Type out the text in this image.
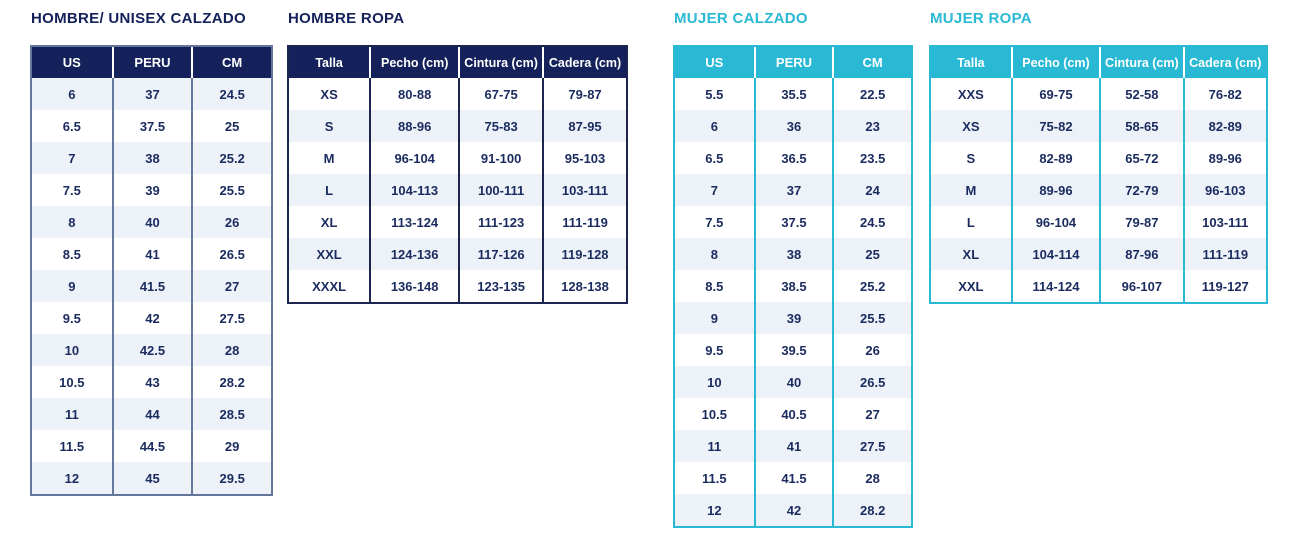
HOMBRE/ UNISEX CALZADO
US	PERU	CM
6	37	24.5
6.5	37.5	25
7	38	25.2
7.5	39	25.5
8	40	26
8.5	41	26.5
9	41.5	27
9.5	42	27.5
10	42.5	28
10.5	43	28.2
11	44	28.5
11.5	44.5	29
12	45	29.5
HOMBRE ROPA
Talla	Pecho (cm)	Cintura (cm)	Cadera (cm)
XS	80-88	67-75	79-87
S	88-96	75-83	87-95
M	96-104	91-100	95-103
L	104-113	100-111	103-111
XL	113-124	111-123	111-119
XXL	124-136	117-126	119-128
XXXL	136-148	123-135	128-138
MUJER CALZADO
US	PERU	CM
5.5	35.5	22.5
6	36	23
6.5	36.5	23.5
7	37	24
7.5	37.5	24.5
8	38	25
8.5	38.5	25.2
9	39	25.5
9.5	39.5	26
10	40	26.5
10.5	40.5	27
11	41	27.5
11.5	41.5	28
12	42	28.2
MUJER ROPA
Talla	Pecho (cm)	Cintura (cm)	Cadera (cm)
XXS	69-75	52-58	76-82
XS	75-82	58-65	82-89
S	82-89	65-72	89-96
M	89-96	72-79	96-103
L	96-104	79-87	103-111
XL	104-114	87-96	111-119
XXL	114-124	96-107	119-127
